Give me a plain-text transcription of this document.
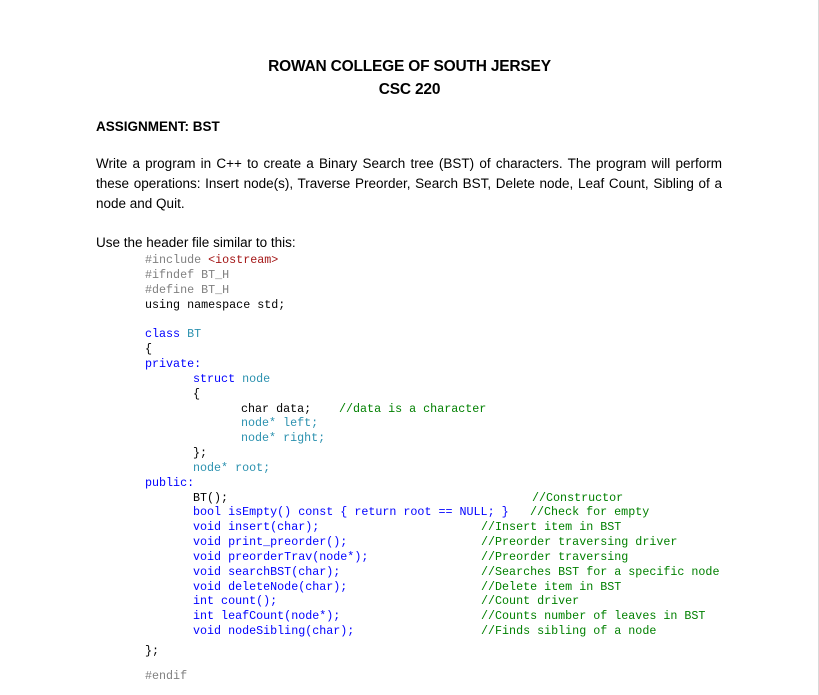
ROWAN COLLEGE OF SOUTH JERSEY
CSC 220
ASSIGNMENT: BST
Write a program in C++ to create a Binary Search tree (BST) of characters. The program will perform these operations: Insert node(s), Traverse Preorder, Search BST, Delete node, Leaf Count, Sibling of a node and Quit.
Use the header file similar to this:
#include <iostream>
#ifndef BT_H
#define BT_H
using namespace std;
class BT
{
private:
struct node
{
char data; //data is a character
node* left;
node* right;
};
node* root;
public:
BT();	//Constructor
bool isEmpty() const { return root == NULL; } //Check for empty
void insert(char);	//Insert item in BST
void print_preorder();	//Preorder traversing driver
void preorderTrav(node*);	//Preorder traversing
void searchBST(char);	//Searches BST for a specific node
void deleteNode(char);	//Delete item in BST
int count();	//Count driver
int leafCount(node*);	//Counts number of leaves in BST
void nodeSibling(char);	//Finds sibling of a node
};
#endif
